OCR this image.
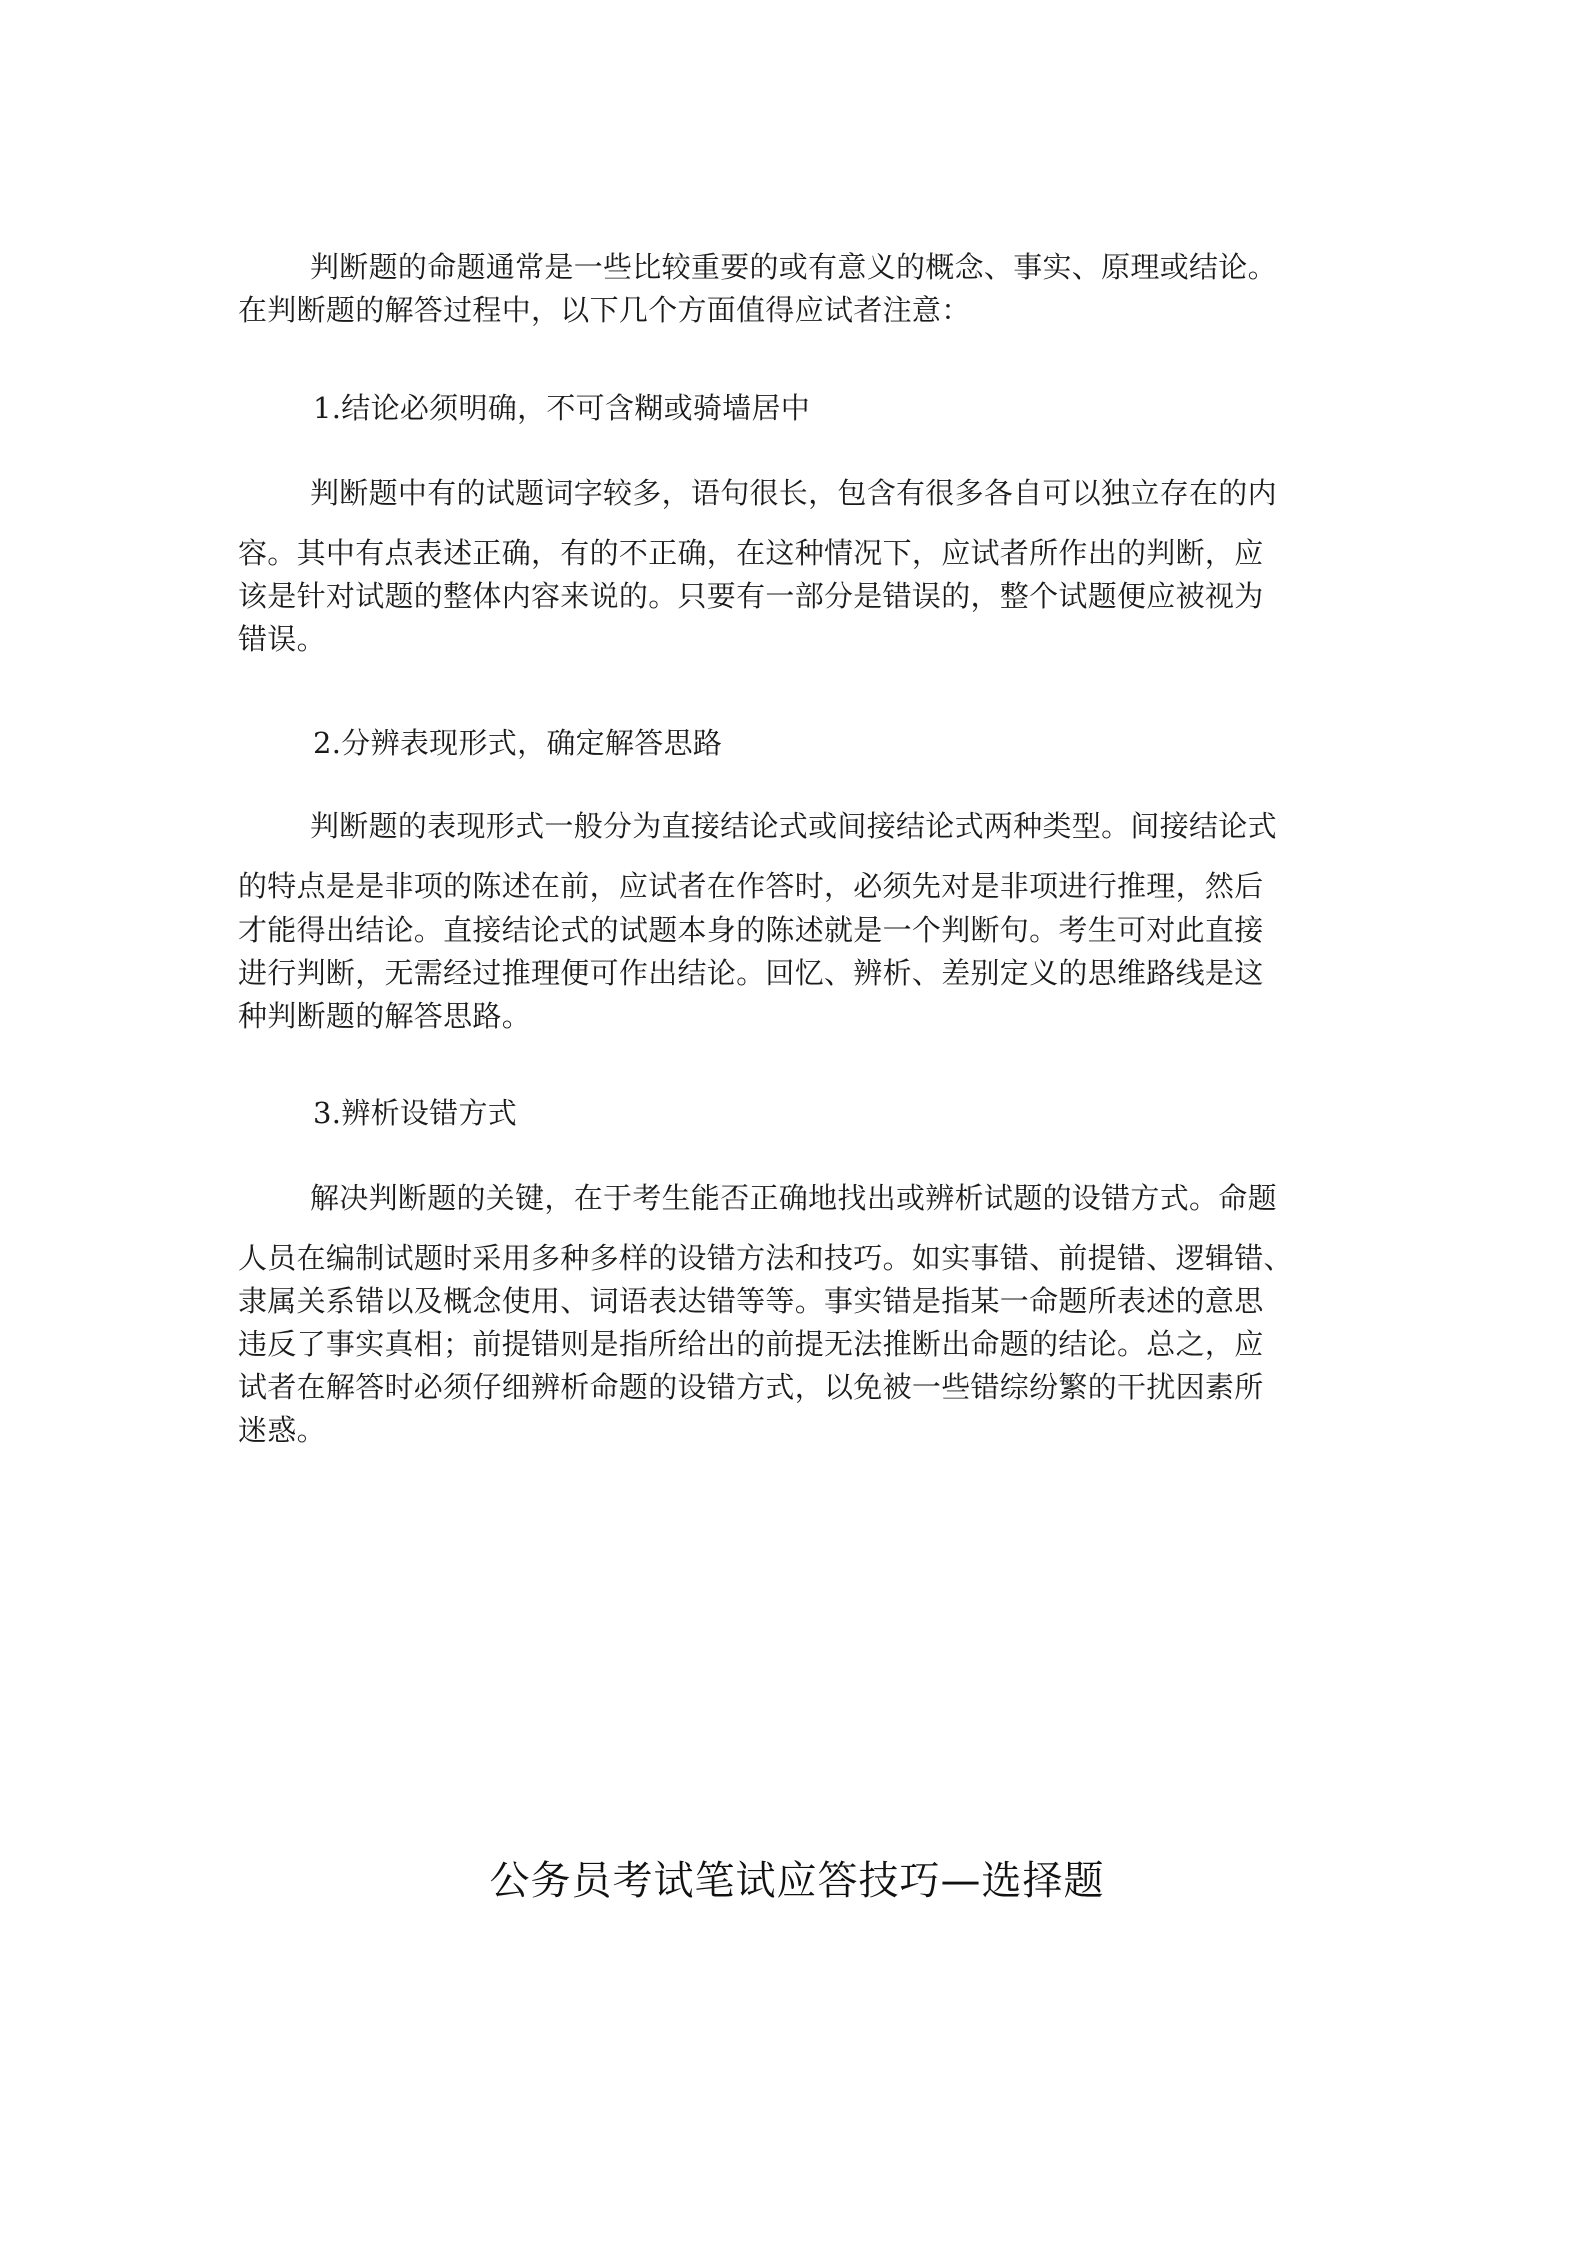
判断题的命题通常是一些比较重要的或有意义的概念、事实、原理或结论。
在判断题的解答过程中，以下几个方面值得应试者注意：
1.结论必须明确，不可含糊或骑墙居中
判断题中有的试题词字较多，语句很长，包含有很多各自可以独立存在的内
容。其中有点表述正确，有的不正确，在这种情况下，应试者所作出的判断，应
该是针对试题的整体内容来说的。只要有一部分是错误的，整个试题便应被视为
错误。
2.分辨表现形式，确定解答思路
判断题的表现形式一般分为直接结论式或间接结论式两种类型。间接结论式
的特点是是非项的陈述在前，应试者在作答时，必须先对是非项进行推理，然后
才能得出结论。直接结论式的试题本身的陈述就是一个判断句。考生可对此直接
进行判断，无需经过推理便可作出结论。回忆、辨析、差别定义的思维路线是这
种判断题的解答思路。
3.辨析设错方式
解决判断题的关键，在于考生能否正确地找出或辨析试题的设错方式。命题
人员在编制试题时采用多种多样的设错方法和技巧。如实事错、前提错、逻辑错、
隶属关系错以及概念使用、词语表达错等等。事实错是指某一命题所表述的意思
违反了事实真相；前提错则是指所给出的前提无法推断出命题的结论。总之，应
试者在解答时必须仔细辨析命题的设错方式，以免被一些错综纷繁的干扰因素所
迷惑。
公务员考试笔试应答技巧—选择题
